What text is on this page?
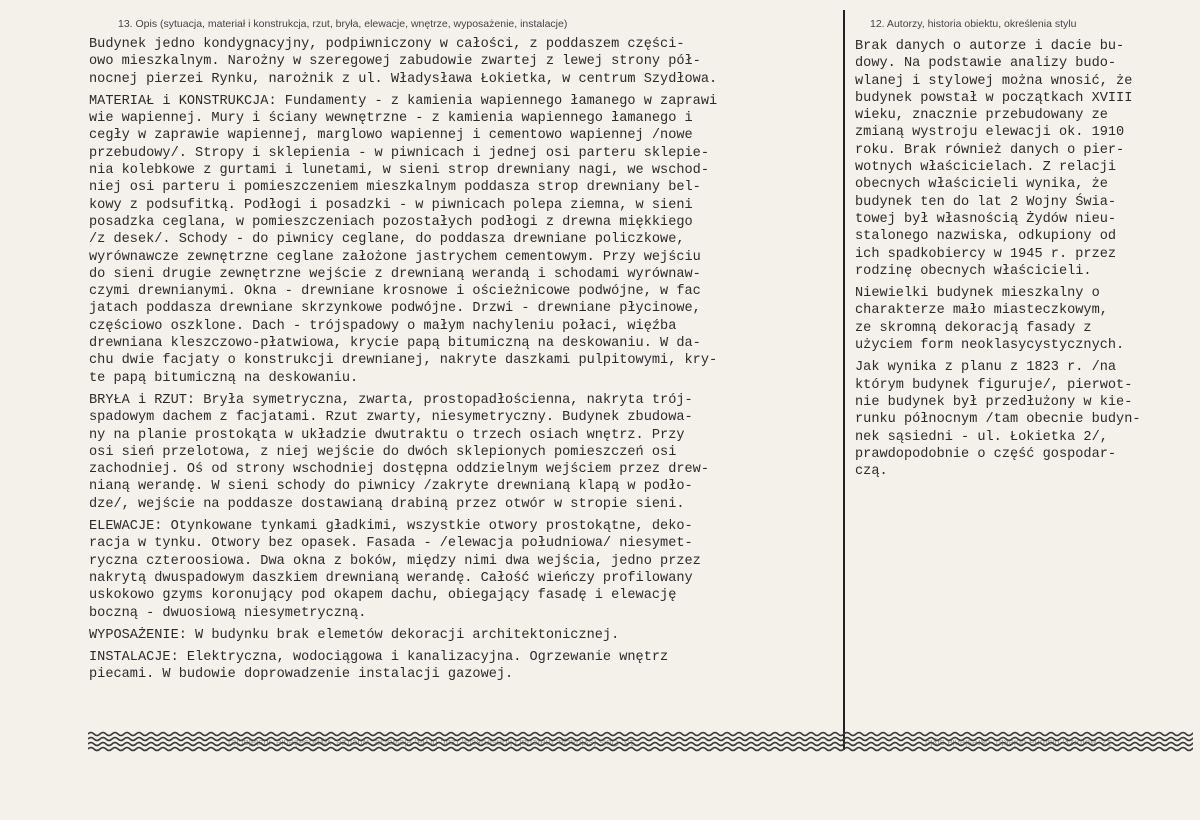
13. Opis (sytuacja, materiał i konstrukcja, rzut, bryła, elewacje, wnętrze, wyposażenie, instalacje)	12. Autorzy, historia obiektu, określenia stylu
Budynek jedno kondygnacyjny, podpiwniczony w całości, z poddaszem części-
owo mieszkalnym. Narożny w szeregowej zabudowie zwartej z lewej strony pół-
nocnej pierzei Rynku, narożnik z ul. Władysława Łokietka, w centrum Szydłowa.
MATERIAŁ i KONSTRUKCJA: Fundamenty - z kamienia wapiennego łamanego w zaprawi
wie wapiennej. Mury i ściany wewnętrzne - z kamienia wapiennego łamanego i
cegły w zaprawie wapiennej, marglowo wapiennej i cementowo wapiennej /nowe
przebudowy/. Stropy i sklepienia - w piwnicach i jednej osi parteru sklepie-
nia kolebkowe z gurtami i lunetami, w sieni strop drewniany nagi, we wschod-
niej osi parteru i pomieszczeniem mieszkalnym poddasza strop drewniany bel-
kowy z podsufitką. Podłogi i posadzki - w piwnicach polepa ziemna, w sieni
posadzka ceglana, w pomieszczeniach pozostałych podłogi z drewna miękkiego
/z desek/. Schody - do piwnicy ceglane, do poddasza drewniane policzkowe,
wyrównawcze zewnętrzne ceglane założone jastrychem cementowym. Przy wejściu
do sieni drugie zewnętrzne wejście z drewnianą werandą i schodami wyrównaw-
czymi drewnianymi. Okna - drewniane krosnowe i ościeżnicowe podwójne, w fac
jatach poddasza drewniane skrzynkowe podwójne. Drzwi - drewniane płycinowe,
częściowo oszklone. Dach - trójspadowy o małym nachyleniu połaci, więźba
drewniana kleszczowo-płatwiowa, krycie papą bitumiczną na deskowaniu. W da-
chu dwie facjaty o konstrukcji drewnianej, nakryte daszkami pulpitowymi, kry-
te papą bitumiczną na deskowaniu.
BRYŁA i RZUT: Bryła symetryczna, zwarta, prostopadłościenna, nakryta trój-
spadowym dachem z facjatami. Rzut zwarty, niesymetryczny. Budynek zbudowa-
ny na planie prostokąta w układzie dwutraktu o trzech osiach wnętrz. Przy
osi sień przelotowa, z niej wejście do dwóch sklepionych pomieszczeń osi
zachodniej. Oś od strony wschodniej dostępna oddzielnym wejściem przez drew-
nianą werandę. W sieni schody do piwnicy /zakryte drewnianą klapą w podło-
dze/, wejście na poddasze dostawianą drabiną przez otwór w stropie sieni.
ELEWACJE: Otynkowane tynkami gładkimi, wszystkie otwory prostokątne, deko-
racja w tynku. Otwory bez opasek. Fasada - /elewacja południowa/ niesymet-
ryczna czteroosiowa. Dwa okna z boków, między nimi dwa wejścia, jedno przez
nakrytą dwuspadowym daszkiem drewnianą werandę. Całość wieńczy profilowany
uskokowo gzyms koronujący pod okapem dachu, obiegający fasadę i elewację
boczną - dwuosiową niesymetryczną.
WYPOSAŻENIE: W budynku brak elemetów dekoracji architektonicznej.
INSTALACJE: Elektryczna, wodociągowa i kanalizacyjna. Ogrzewanie wnętrz
piecami. W budowie doprowadzenie instalacji gazowej.
Brak danych o autorze i dacie bu-
dowy. Na podstawie analizy budo-
wlanej i stylowej można wnosić, że
budynek powstał w początkach XVIII
wieku, znacznie przebudowany ze
zmianą wystroju elewacji ok. 1910
roku. Brak również danych o pier-
wotnych właścicielach. Z relacji
obecnych właścicieli wynika, że
budynek ten do lat 2 Wojny Świa-
towej był własnością Żydów nieu-
stalonego nazwiska, odkupiony od
ich spadkobiercy w 1945 r. przez
rodzinę obecnych właścicieli.
Niewielki budynek mieszkalny o
charakterze mało miasteczkowym,
ze skromną dekoracją fasady z
użyciem form neoklasycystycznych.
Jak wynika z planu z 1823 r. /na
którym budynek figuruje/, pierwot-
nie budynek był przedłużony w kie-
runku północnym /tam obecnie budyn-
nek sąsiedni - ul. Łokietka 2/,
prawdopodobnie o część gospodar-
czą.
13. Opis (sytuacja, materiał i konstrukcja, rzut, bryła, elewacje, wnętrze, wyposażenie, instalacje)	12. Autorzy, historia obiektu, określenia stylu
